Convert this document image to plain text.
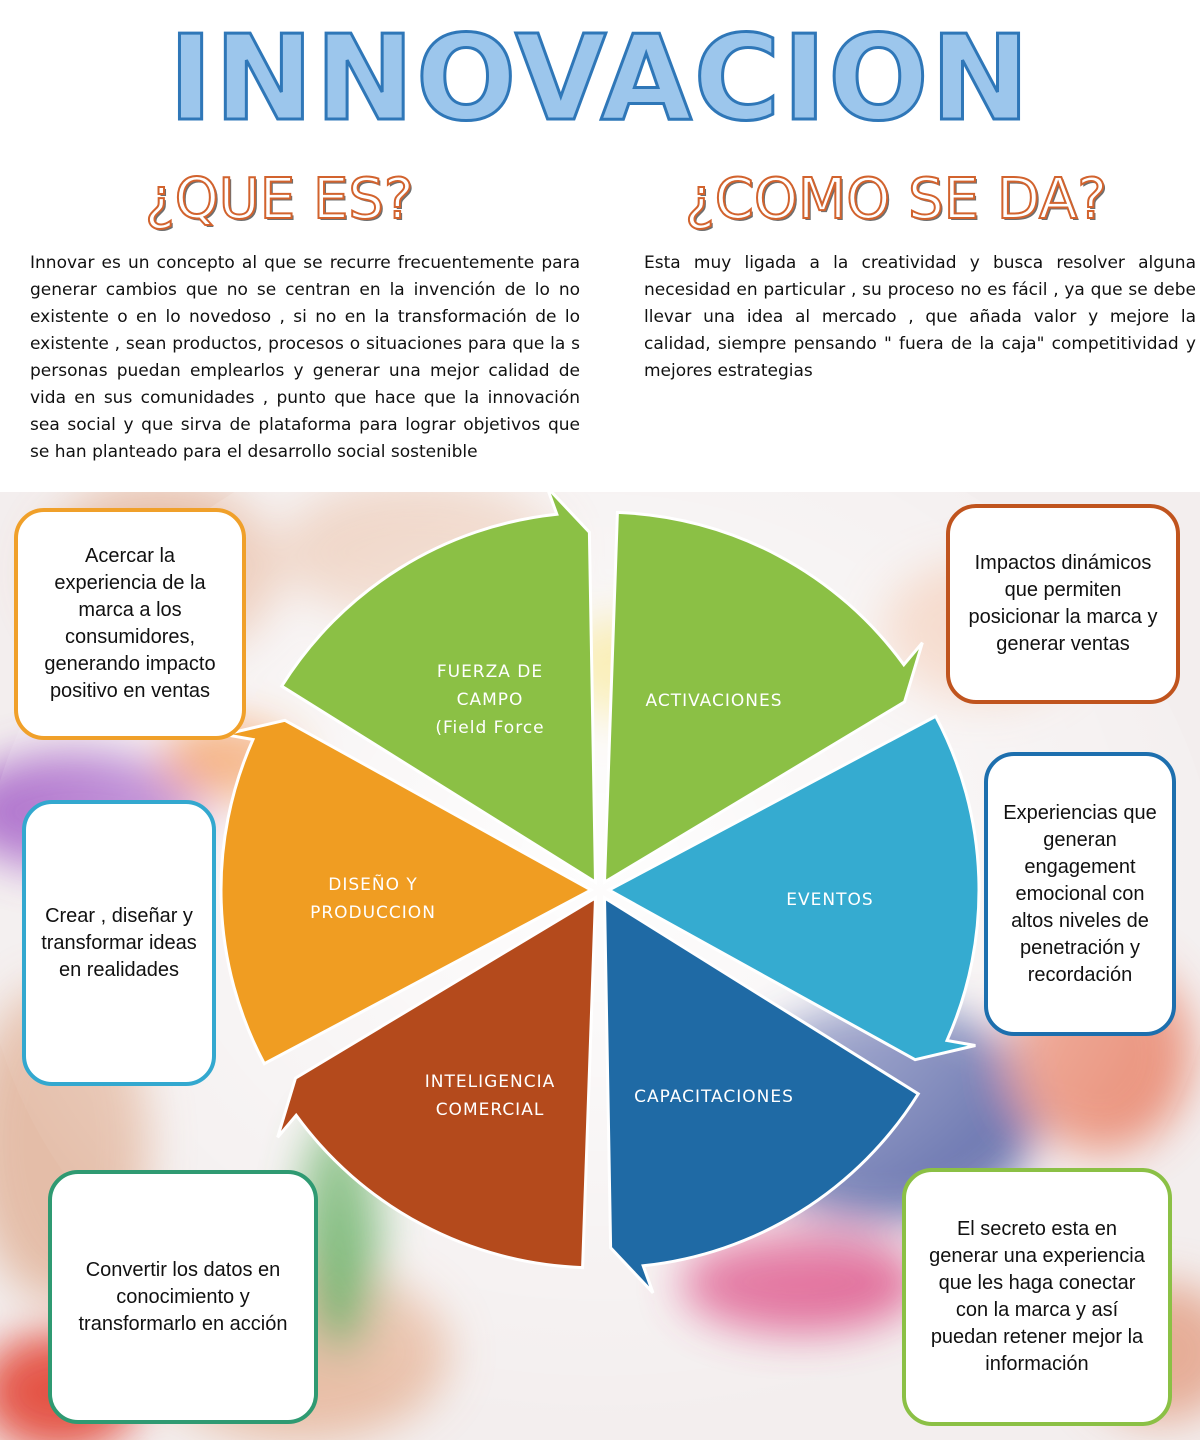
INNOVACION
¿QUE ES?	¿COMO SE DA?

Innovar es un concepto al que se recurre frecuentemente para generar cambios que no se centran en la invención de lo no existente o en lo novedoso , si no en la transformación de lo existente , sean productos, procesos o situaciones para que la s personas puedan emplearlos y generar una mejor calidad de vida en sus comunidades , punto que hace que la innovación sea social y que sirva de plataforma para lograr objetivos que se han planteado para el desarrollo social sostenible

Esta muy ligada a la creatividad y busca resolver alguna necesidad en particular , su proceso no es fácil , ya que se debe llevar una idea al mercado , que añada valor y mejore la calidad, siempre pensando " fuera de la caja" competitividad y mejores estrategias

FUERZA DE CAMPO (Field Force
ACTIVACIONES
EVENTOS
CAPACITACIONES
INTELIGENCIA COMERCIAL
DISEÑO Y PRODUCCION
Acercar la experiencia de la marca a los consumidores, generando impacto positivo en ventas
Impactos dinámicos que permiten posicionar la marca y generar ventas
Experiencias que generan engagement emocional con altos niveles de penetración y recordación
Crear , diseñar y transformar ideas en realidades
Convertir los datos en conocimiento y transformarlo en acción
El secreto esta en generar una experiencia que les haga conectar con la marca y así puedan retener mejor la información
